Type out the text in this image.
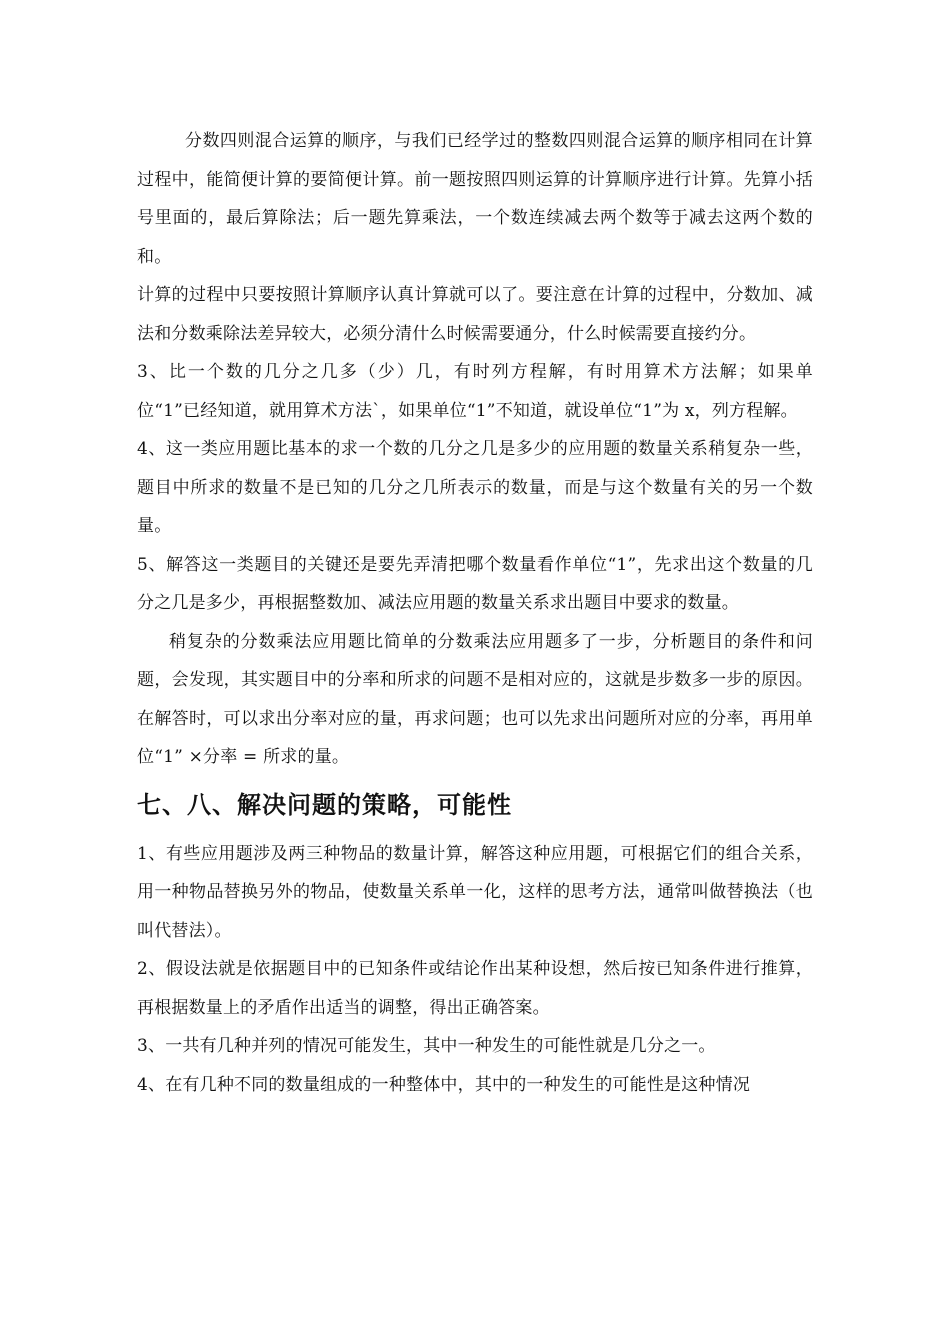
分数四则混合运算的顺序，与我们已经学过的整数四则混合运算的顺序相同在计算过程中，能简便计算的要简便计算。前一题按照四则运算的计算顺序进行计算。先算小括号里面的，最后算除法；后一题先算乘法，一个数连续减去两个数等于减去这两个数的和。

计算的过程中只要按照计算顺序认真计算就可以了。要注意在计算的过程中，分数加、减法和分数乘除法差异较大，必须分清什么时候需要通分，什么时候需要直接约分。

3、比一个数的几分之几多（少）几，有时列方程解，有时用算术方法解；如果单位“1”已经知道，就用算术方法`，如果单位“1”不知道，就设单位“1”为 x，列方程解。

4、这一类应用题比基本的求一个数的几分之几是多少的应用题的数量关系稍复杂一些，题目中所求的数量不是已知的几分之几所表示的数量，而是与这个数量有关的另一个数量。

5、解答这一类题目的关键还是要先弄清把哪个数量看作单位“1”，先求出这个数量的几分之几是多少，再根据整数加、减法应用题的数量关系求出题目中要求的数量。

稍复杂的分数乘法应用题比简单的分数乘法应用题多了一步，分析题目的条件和问题，会发现，其实题目中的分率和所求的问题不是相对应的，这就是步数多一步的原因。在解答时，可以求出分率对应的量，再求问题；也可以先求出问题所对应的分率，再用单位“1” ×分率 = 所求的量。

七、八、解决问题的策略，可能性

1、有些应用题涉及两三种物品的数量计算，解答这种应用题，可根据它们的组合关系，用一种物品替换另外的物品，使数量关系单一化，这样的思考方法，通常叫做替换法（也叫代替法）。

2、假设法就是依据题目中的已知条件或结论作出某种设想，然后按已知条件进行推算，再根据数量上的矛盾作出适当的调整，得出正确答案。

3、一共有几种并列的情况可能发生，其中一种发生的可能性就是几分之一。

4、在有几种不同的数量组成的一种整体中，其中的一种发生的可能性是这种情况
